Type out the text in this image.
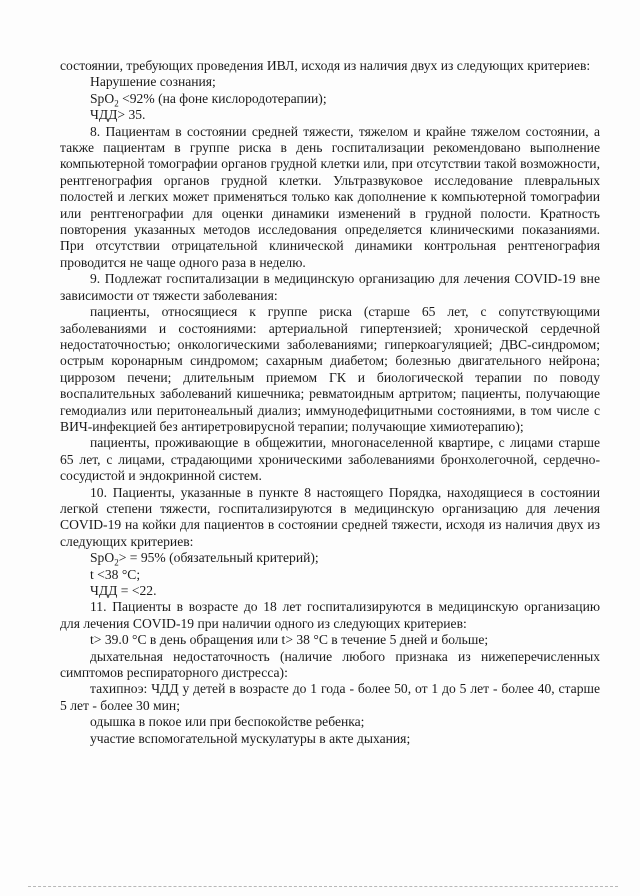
состоянии, требующих проведения ИВЛ, исходя из наличия двух из следующих критериев:

Нарушение сознания;

SpO$_2$ <92% (на фоне кислородотерапии);

ЧДД> 35.

8. Пациентам в состоянии средней тяжести, тяжелом и крайне тяжелом состоянии, а также пациентам в группе риска в день госпитализации рекомендовано выполнение компьютерной томографии органов грудной клетки или, при отсутствии такой возможности, рентгенография органов грудной клетки. Ультразвуковое исследование плевральных полостей и легких может применяться только как дополнение к компьютерной томографии или рентгенографии для оценки динамики изменений в грудной полости. Кратность повторения указанных методов исследования определяется клиническими показаниями. При отсутствии отрицательной клинической динамики контрольная рентгенография проводится не чаще одного раза в неделю.

9. Подлежат госпитализации в медицинскую организацию для лечения COVID-19 вне зависимости от тяжести заболевания:

пациенты, относящиеся к группе риска (старше 65 лет, с сопутствующими заболеваниями и состояниями: артериальной гипертензией; хронической сердечной недостаточностью; онкологическими заболеваниями; гиперкоагуляцией; ДВС-синдромом; острым коронарным синдромом; сахарным диабетом; болезнью двигательного нейрона; циррозом печени; длительным приемом ГК и биологической терапии по поводу воспалительных заболеваний кишечника; ревматоидным артритом; пациенты, получающие гемодиализ или перитонеальный диализ; иммунодефицитными состояниями, в том числе с ВИЧ-инфекцией без антиретровирусной терапии; получающие химиотерапию);

пациенты, проживающие в общежитии, многонаселенной квартире, с лицами старше 65 лет, с лицами, страдающими хроническими заболеваниями бронхолегочной, сердечно-сосудистой и эндокринной систем.

10. Пациенты, указанные в пункте 8 настоящего Порядка, находящиеся в состоянии легкой степени тяжести, госпитализируются в медицинскую организацию для лечения COVID-19 на койки для пациентов в состоянии средней тяжести, исходя из наличия двух из следующих критериев:

SpO$_2$> = 95% (обязательный критерий);

t <38 °C;

ЧДД = <22.

11. Пациенты в возрасте до 18 лет госпитализируются в медицинскую организацию для лечения COVID-19 при наличии одного из следующих критериев:

t> 39.0 °C в день обращения или t> 38 °C в течение 5 дней и больше;

дыхательная недостаточность (наличие любого признака из нижеперечисленных симптомов респираторного дистресса):

тахипноэ: ЧДД у детей в возрасте до 1 года - более 50, от 1 до 5 лет - более 40, старше 5 лет - более 30 мин;

одышка в покое или при беспокойстве ребенка;

участие вспомогательной мускулатуры в акте дыхания;
